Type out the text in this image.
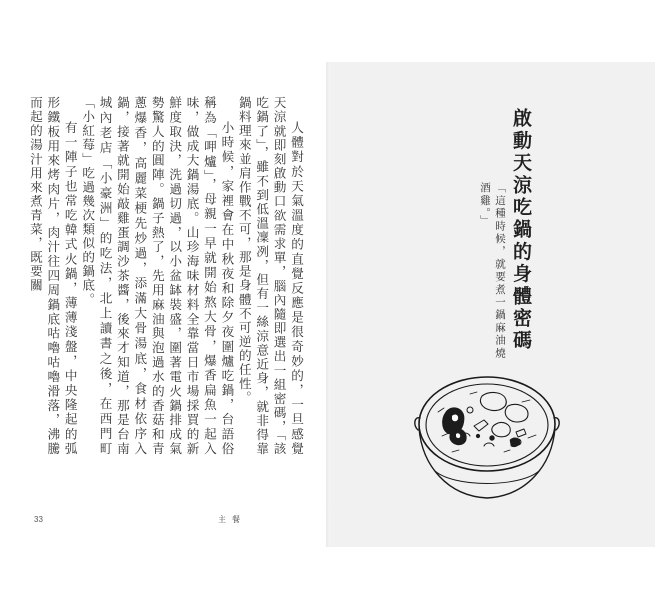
人體對於天氣溫度的直覺反應是很奇妙的，一旦感覺天涼就即刻啟動口欲需求單，腦內隨即選出一組密碼，「該吃鍋了」，雖不到低溫凜冽，但有一絲涼意近身，就非得靠鍋料理來並肩作戰不可，那是身體不可逆的任性。

小時候，家裡會在中秋夜和除夕夜圍爐吃鍋，台語俗稱為「呷爐」，母親一早就開始熬大骨，爆香扁魚一起入味，做成大鍋湯底。山珍海味材料全靠當日市場採買的新鮮度取決，洗過切過，以小盆缽裝盛，圍著電火鍋排成氣勢驚人的圓陣。鍋子熱了，先用麻油與泡過水的香菇和青蔥爆香，高麗菜梗先炒過，添滿大骨湯底，食材依序入鍋，接著就開始敲雞蛋調沙茶醬，後來才知道，那是台南城內老店「小豪洲」的吃法，北上讀書之後，在西門町「小紅莓」吃過幾次類似的鍋底。

有一陣子也常吃韓式火鍋，薄薄淺盤，中央隆起的弧形鐵板用來烤肉片，肉汁往四周鍋底咕嚕咕嚕滑落，沸騰而起的湯汁用來煮青菜，既要關

33	主餐
啟動天涼吃鍋的身體密碼
「這種時候，就要煮一鍋麻油燒酒雞。」
